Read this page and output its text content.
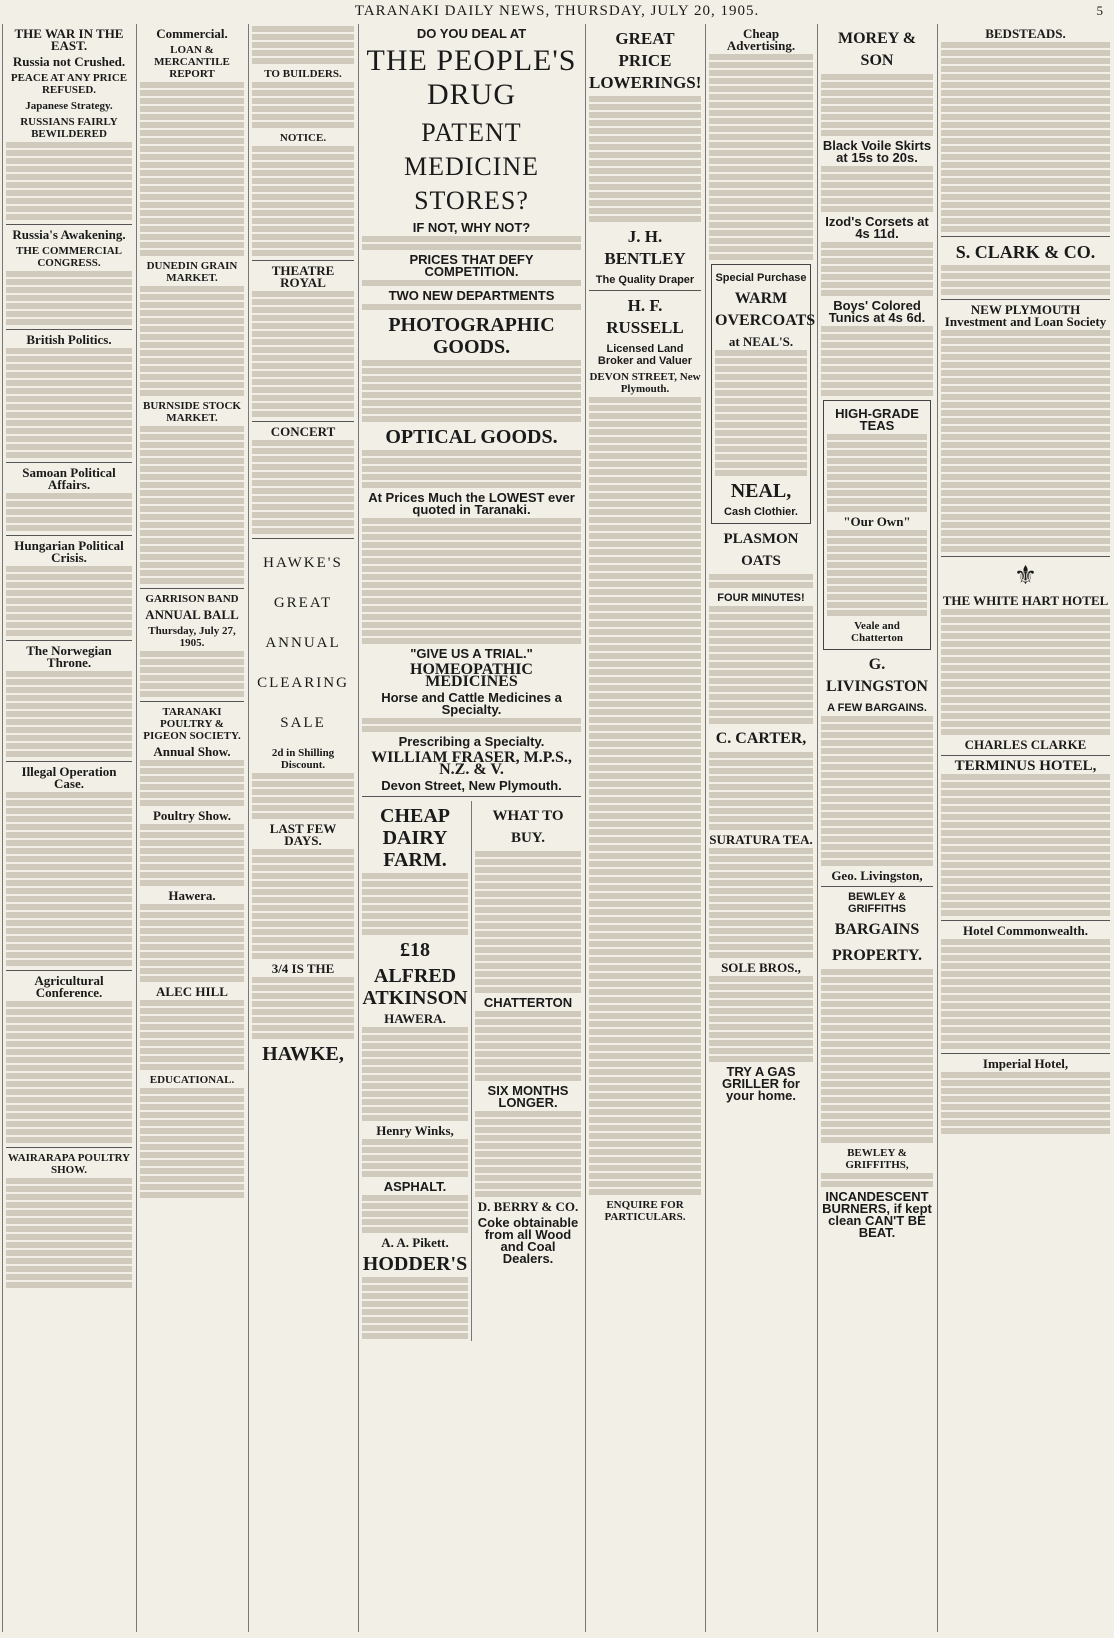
TARANAKI DAILY NEWS, THURSDAY, JULY 20, 1905.	5
THE WAR IN THE EAST.
Russia not Crushed.
PEACE AT ANY PRICE REFUSED.
Japanese Strategy.
RUSSIANS FAIRLY BEWILDERED
Russia's Awakening.
THE COMMERCIAL CONGRESS.
British Politics.
Samoan Political Affairs.
Hungarian Political Crisis.
The Norwegian Throne.
Illegal Operation Case.
Agricultural Conference.
WAIRARAPA POULTRY SHOW.
Commercial.
LOAN & MERCANTILE REPORT
DUNEDIN GRAIN MARKET.
BURNSIDE STOCK MARKET.
GARRISON BAND
ANNUAL BALL
Thursday, July 27, 1905.
TARANAKI POULTRY & PIGEON SOCIETY.
Annual Show.
Poultry Show.
Hawera.
ALEC HILL
EDUCATIONAL.
TO BUILDERS.
NOTICE.
THEATRE ROYAL
CONCERT
HAWKE'S
GREAT
ANNUAL
CLEARING
SALE
2d in Shilling Discount.
LAST FEW DAYS.
3/4 IS THE
HAWKE,
DO YOU DEAL AT
THE PEOPLE'S DRUG
PATENT MEDICINE STORES?
IF NOT, WHY NOT?
PRICES THAT DEFY COMPETITION.
TWO NEW DEPARTMENTS
PHOTOGRAPHIC GOODS.
OPTICAL GOODS.
At Prices Much the LOWEST ever quoted in Taranaki.
"GIVE US A TRIAL."
HOMEOPATHIC MEDICINES
Horse and Cattle Medicines a Specialty.
Prescribing a Specialty.
WILLIAM FRASER, M.P.S., N.Z. & V.
Devon Street, New Plymouth.
CHEAP DAIRY FARM.
£18
ALFRED ATKINSON
HAWERA.
Henry Winks,
ASPHALT.
A. A. Pikett.
HODDER'S
WHAT TO BUY.
CHATTERTON
SIX MONTHS LONGER.
D. BERRY & CO.
Coke obtainable from all Wood and Coal Dealers.
GREAT PRICE LOWERINGS!
J. H. BENTLEY
The Quality Draper
H. F. RUSSELL
Licensed Land Broker and Valuer
DEVON STREET, New Plymouth.
ENQUIRE FOR PARTICULARS.
Cheap Advertising.
Special Purchase
WARM OVERCOATS
at NEAL'S.
NEAL,
Cash Clothier.
PLASMON OATS
FOUR MINUTES!
C. CARTER,
SURATURA TEA.
SOLE BROS.,
TRY A GAS GRILLER for your home.
MOREY & SON
Black Voile Skirts at 15s to 20s.
Izod's Corsets at 4s 11d.
Boys' Colored Tunics at 4s 6d.
HIGH-GRADE TEAS
"Our Own"
Veale and Chatterton
G. LIVINGSTON
A FEW BARGAINS.
Geo. Livingston,
BEWLEY & GRIFFITHS
BARGAINS
PROPERTY.
BEWLEY & GRIFFITHS,
INCANDESCENT BURNERS, if kept clean CAN'T BE BEAT.
BEDSTEADS.
S. CLARK & CO.
NEW PLYMOUTH Investment and Loan Society
⚜
THE WHITE HART HOTEL
CHARLES CLARKE
TERMINUS HOTEL,
Hotel Commonwealth.
Imperial Hotel,
